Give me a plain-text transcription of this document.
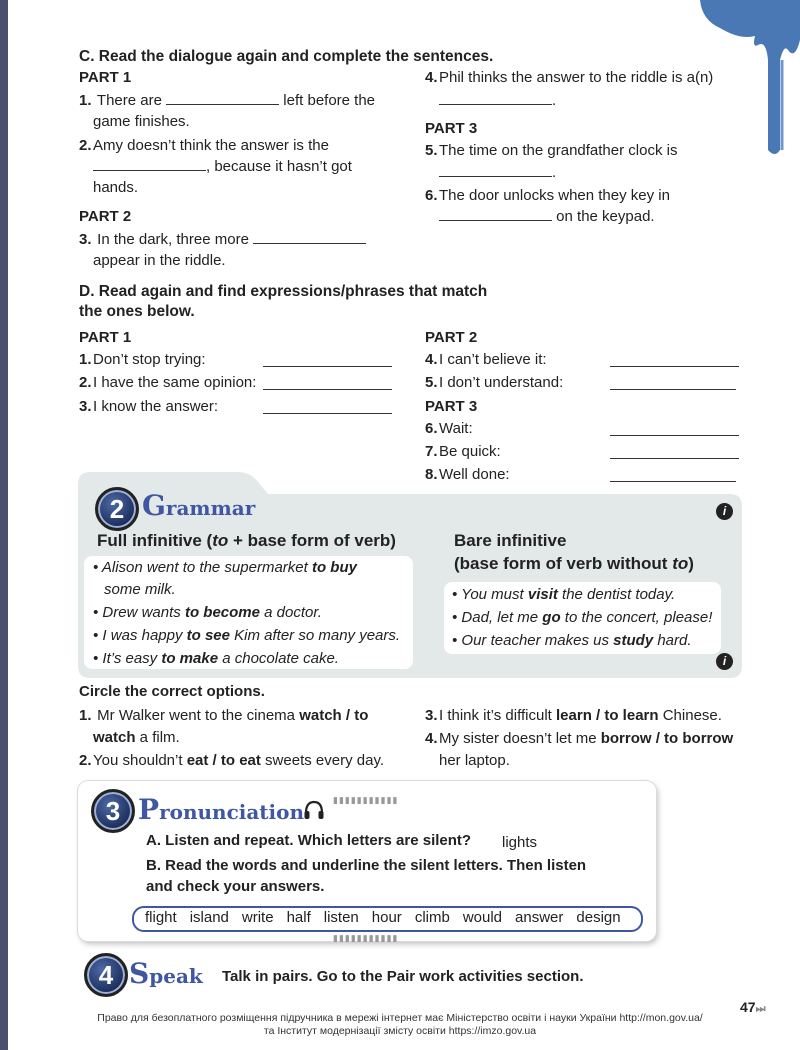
C. Read the dialogue again and complete the sentences.
PART 1
1. There are	left before the
game finishes.
2.Amy doesn’t think the answer is the
, because it hasn’t got
hands.
PART 2
3. In the dark, three more
appear in the riddle.
4.Phil thinks the answer to the riddle is a(n)
.
PART 3
5.The time on the grandfather clock is
.
6.The door unlocks when they key in
on the keypad.
D. Read again and find expressions/phrases that match
the ones below.
PART 1	PART 2
1.Don’t stop trying:
2.I have the same opinion:
3.I know the answer:
4.I can’t believe it:
5.I don’t understand:
PART 3
6.Wait:
7.Be quick:
8.Well done:
2 Grammar	i
i
Full infinitive (to + base form of verb)	Bare infinitive
(base form of verb without to)
• Alison went to the supermarket to buy
some milk.
• Drew wants to become a doctor.
• I was happy to see Kim after so many years.
• It’s easy to make a chocolate cake.
• You must visit the dentist today.
• Dad, let me go to the concert, please!
• Our teacher makes us study hard.
Circle the correct options.
1. Mr Walker went to the cinema watch / to
watch a film.
2.You shouldn’t eat / to eat sweets every day.
3.I think it’s difficult learn / to learn Chinese.
4.My sister doesn’t let me borrow / to borrow
her laptop.
▮▮▮▮▮▮▮▮▮▮▮
▮▮▮▮▮▮▮▮▮▮▮
3 Pronunciation
A. Listen and repeat. Which letters are silent? lights
B. Read the words and underline the silent letters. Then listen
and check your answers.
flight island write half listen hour climb would answer design
4 Speak Talk in pairs. Go to the Pair work activities section.
47⏭
Право для безоплатного розміщення підручника в мережі інтернет має Міністерство освіти і науки України http://mon.gov.ua/
та Інститут модернізації змісту освіти https://imzo.gov.ua
